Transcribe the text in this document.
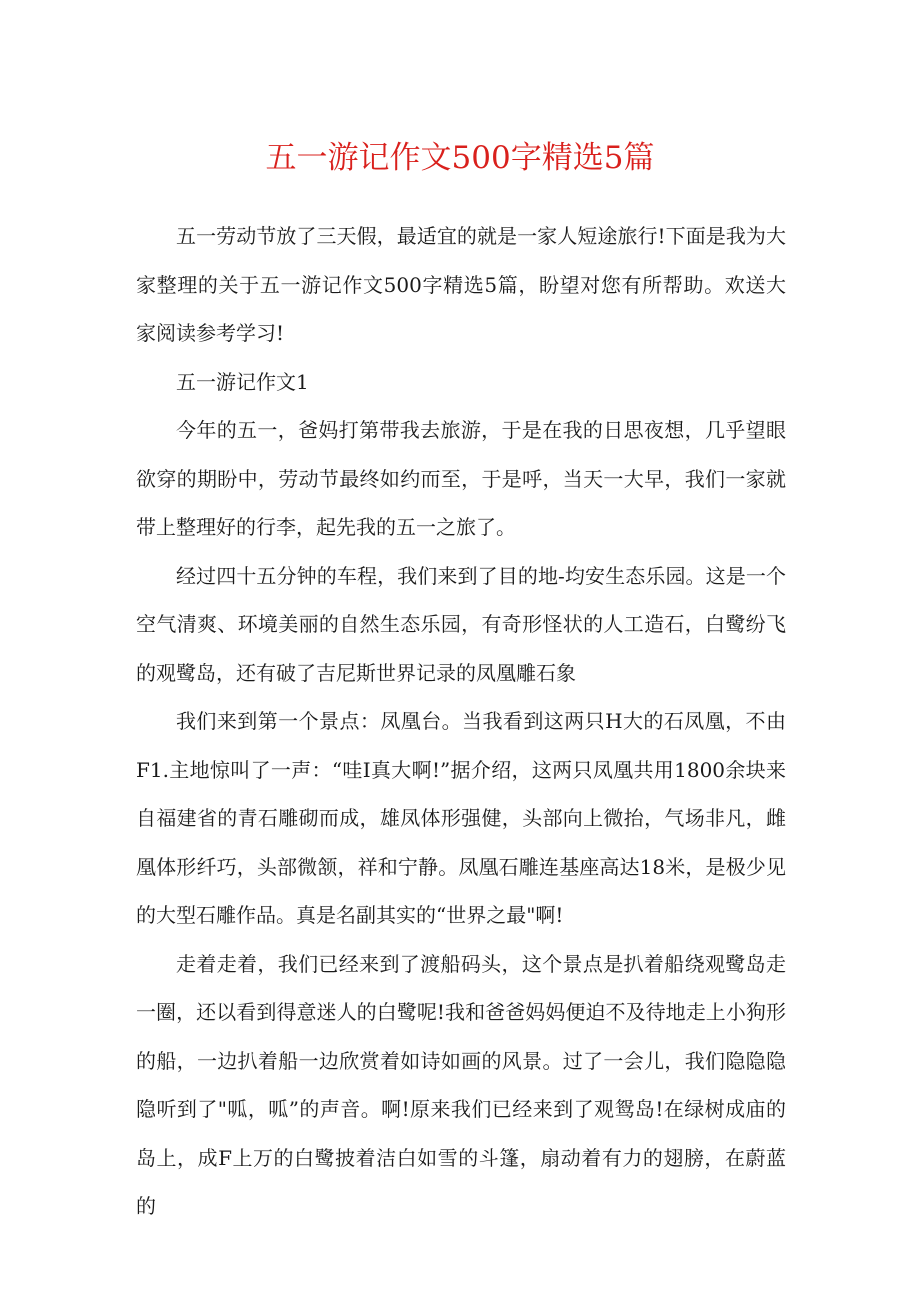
五一游记作文500字精选5篇

五一劳动节放了三天假，最适宜的就是一家人短途旅行!下面是我为大家整理的关于五一游记作文500字精选5篇，盼望对您有所帮助。欢送大家阅读参考学习!

五一游记作文1

今年的五一，爸妈打第带我去旅游，于是在我的日思夜想，几乎望眼欲穿的期盼中，劳动节最终如约而至，于是呼，当天一大早，我们一家就带上整理好的行李，起先我的五一之旅了。

经过四十五分钟的车程，我们来到了目的地-均安生态乐园。这是一个空气清爽、环境美丽的自然生态乐园，有奇形怪状的人工造石，白鹭纷飞的观鹭岛，还有破了吉尼斯世界记录的凤凰雕石象

我们来到第一个景点：凤凰台。当我看到这两只H大的石凤凰，不由F1.主地惊叫了一声：“哇I真大啊!”据介绍，这两只凤凰共用1800余块来自福建省的青石雕砌而成，雄凤体形强健，头部向上微抬，气场非凡，雌凰体形纤巧，头部微颔，祥和宁静。凤凰石雕连基座高达18米，是极少见的大型石雕作品。真是名副其实的“世界之最"啊!

走着走着，我们已经来到了渡船码头，这个景点是扒着船绕观鹭岛走一圈，还以看到得意迷人的白鹭呢!我和爸爸妈妈便迫不及待地走上小狗形的船，一边扒着船一边欣赏着如诗如画的风景。过了一会儿，我们隐隐隐隐听到了"呱，呱”的声音。啊!原来我们已经来到了观鸳岛!在绿树成庙的岛上，成F上万的白鹭披着洁白如雪的斗篷，扇动着有力的翅膀，在蔚蓝的
